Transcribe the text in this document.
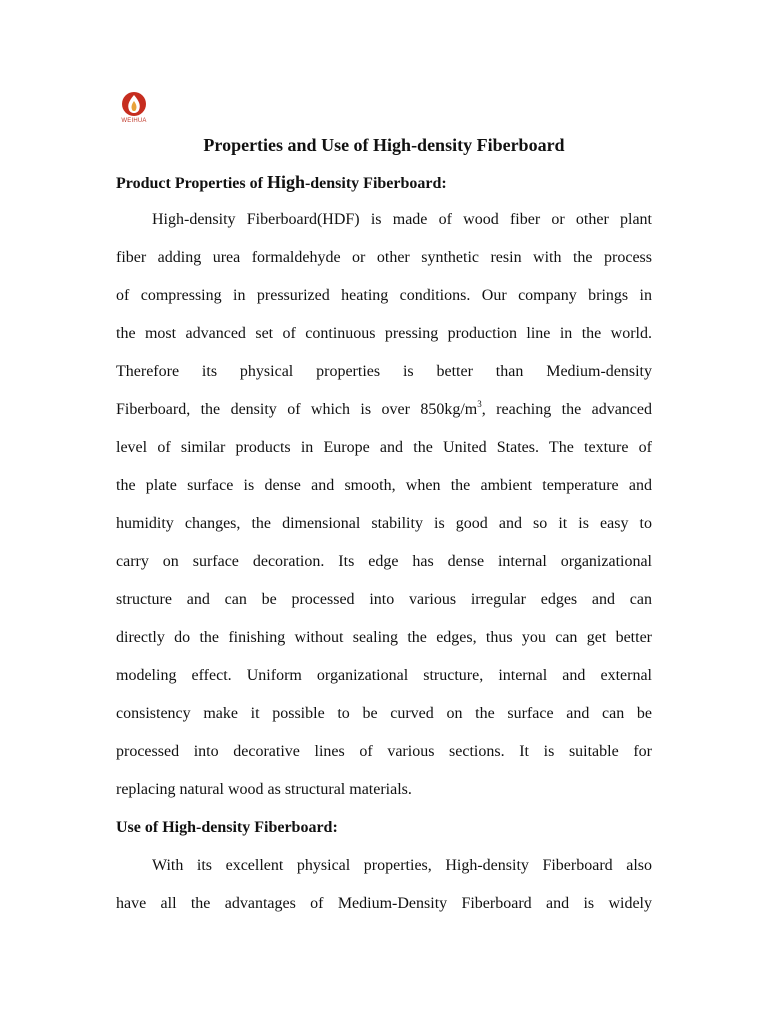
WEIHUA
Properties and Use of High-density Fiberboard
Product Properties of High-density Fiberboard:
High-density Fiberboard(HDF) is made of wood fiber or other plant
fiber adding urea formaldehyde or other synthetic resin with the process
of compressing in pressurized heating conditions. Our company brings in
the most advanced set of continuous pressing production line in the world.
Therefore its physical properties is better than Medium-density
Fiberboard, the density of which is over $850kg/m^3$, reaching the advanced
level of similar products in Europe and the United States. The texture of
the plate surface is dense and smooth, when the ambient temperature and
humidity changes, the dimensional stability is good and so it is easy to
carry on surface decoration. Its edge has dense internal organizational
structure and can be processed into various irregular edges and can
directly do the finishing without sealing the edges, thus you can get better
modeling effect. Uniform organizational structure, internal and external
consistency make it possible to be curved on the surface and can be
processed into decorative lines of various sections. It is suitable for
replacing natural wood as structural materials.
Use of High-density Fiberboard:
With its excellent physical properties, High-density Fiberboard also
have all the advantages of Medium-Density Fiberboard and is widely
